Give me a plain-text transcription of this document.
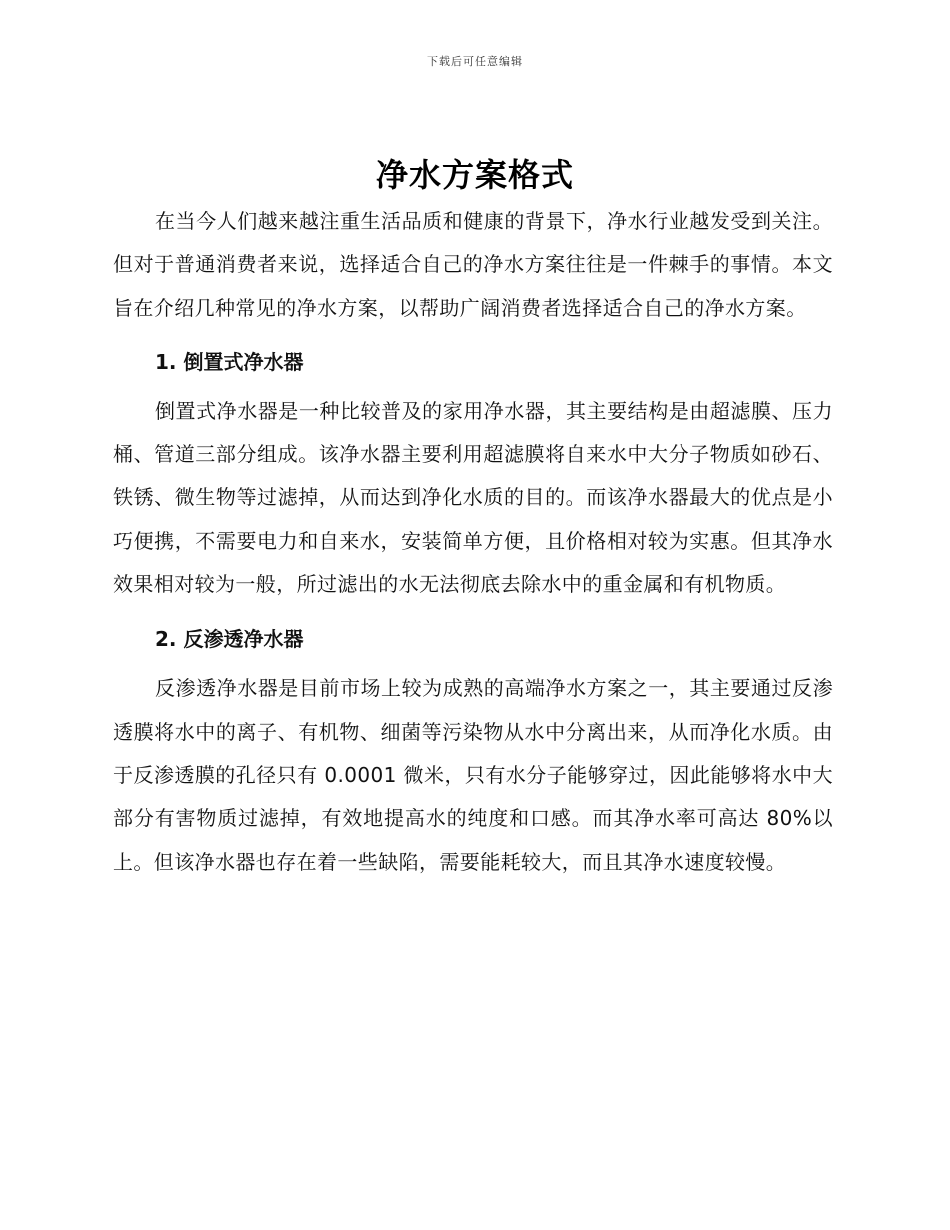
下载后可任意编辑
净水方案格式

在当今人们越来越注重生活品质和健康的背景下，净水行业越发受到关注。但对于普通消费者来说，选择适合自己的净水方案往往是一件棘手的事情。本文旨在介绍几种常见的净水方案，以帮助广阔消费者选择适合自己的净水方案。

1. 倒置式净水器

倒置式净水器是一种比较普及的家用净水器，其主要结构是由超滤膜、压力桶、管道三部分组成。该净水器主要利用超滤膜将自来水中大分子物质如砂石、铁锈、微生物等过滤掉，从而达到净化水质的目的。而该净水器最大的优点是小巧便携，不需要电力和自来水，安装简单方便，且价格相对较为实惠。但其净水效果相对较为一般，所过滤出的水无法彻底去除水中的重金属和有机物质。

2. 反渗透净水器

反渗透净水器是目前市场上较为成熟的高端净水方案之一，其主要通过反渗透膜将水中的离子、有机物、细菌等污染物从水中分离出来，从而净化水质。由于反渗透膜的孔径只有 0.0001 微米，只有水分子能够穿过，因此能够将水中大部分有害物质过滤掉，有效地提高水的纯度和口感。而其净水率可高达 80%以上。但该净水器也存在着一些缺陷，需要能耗较大，而且其净水速度较慢。
